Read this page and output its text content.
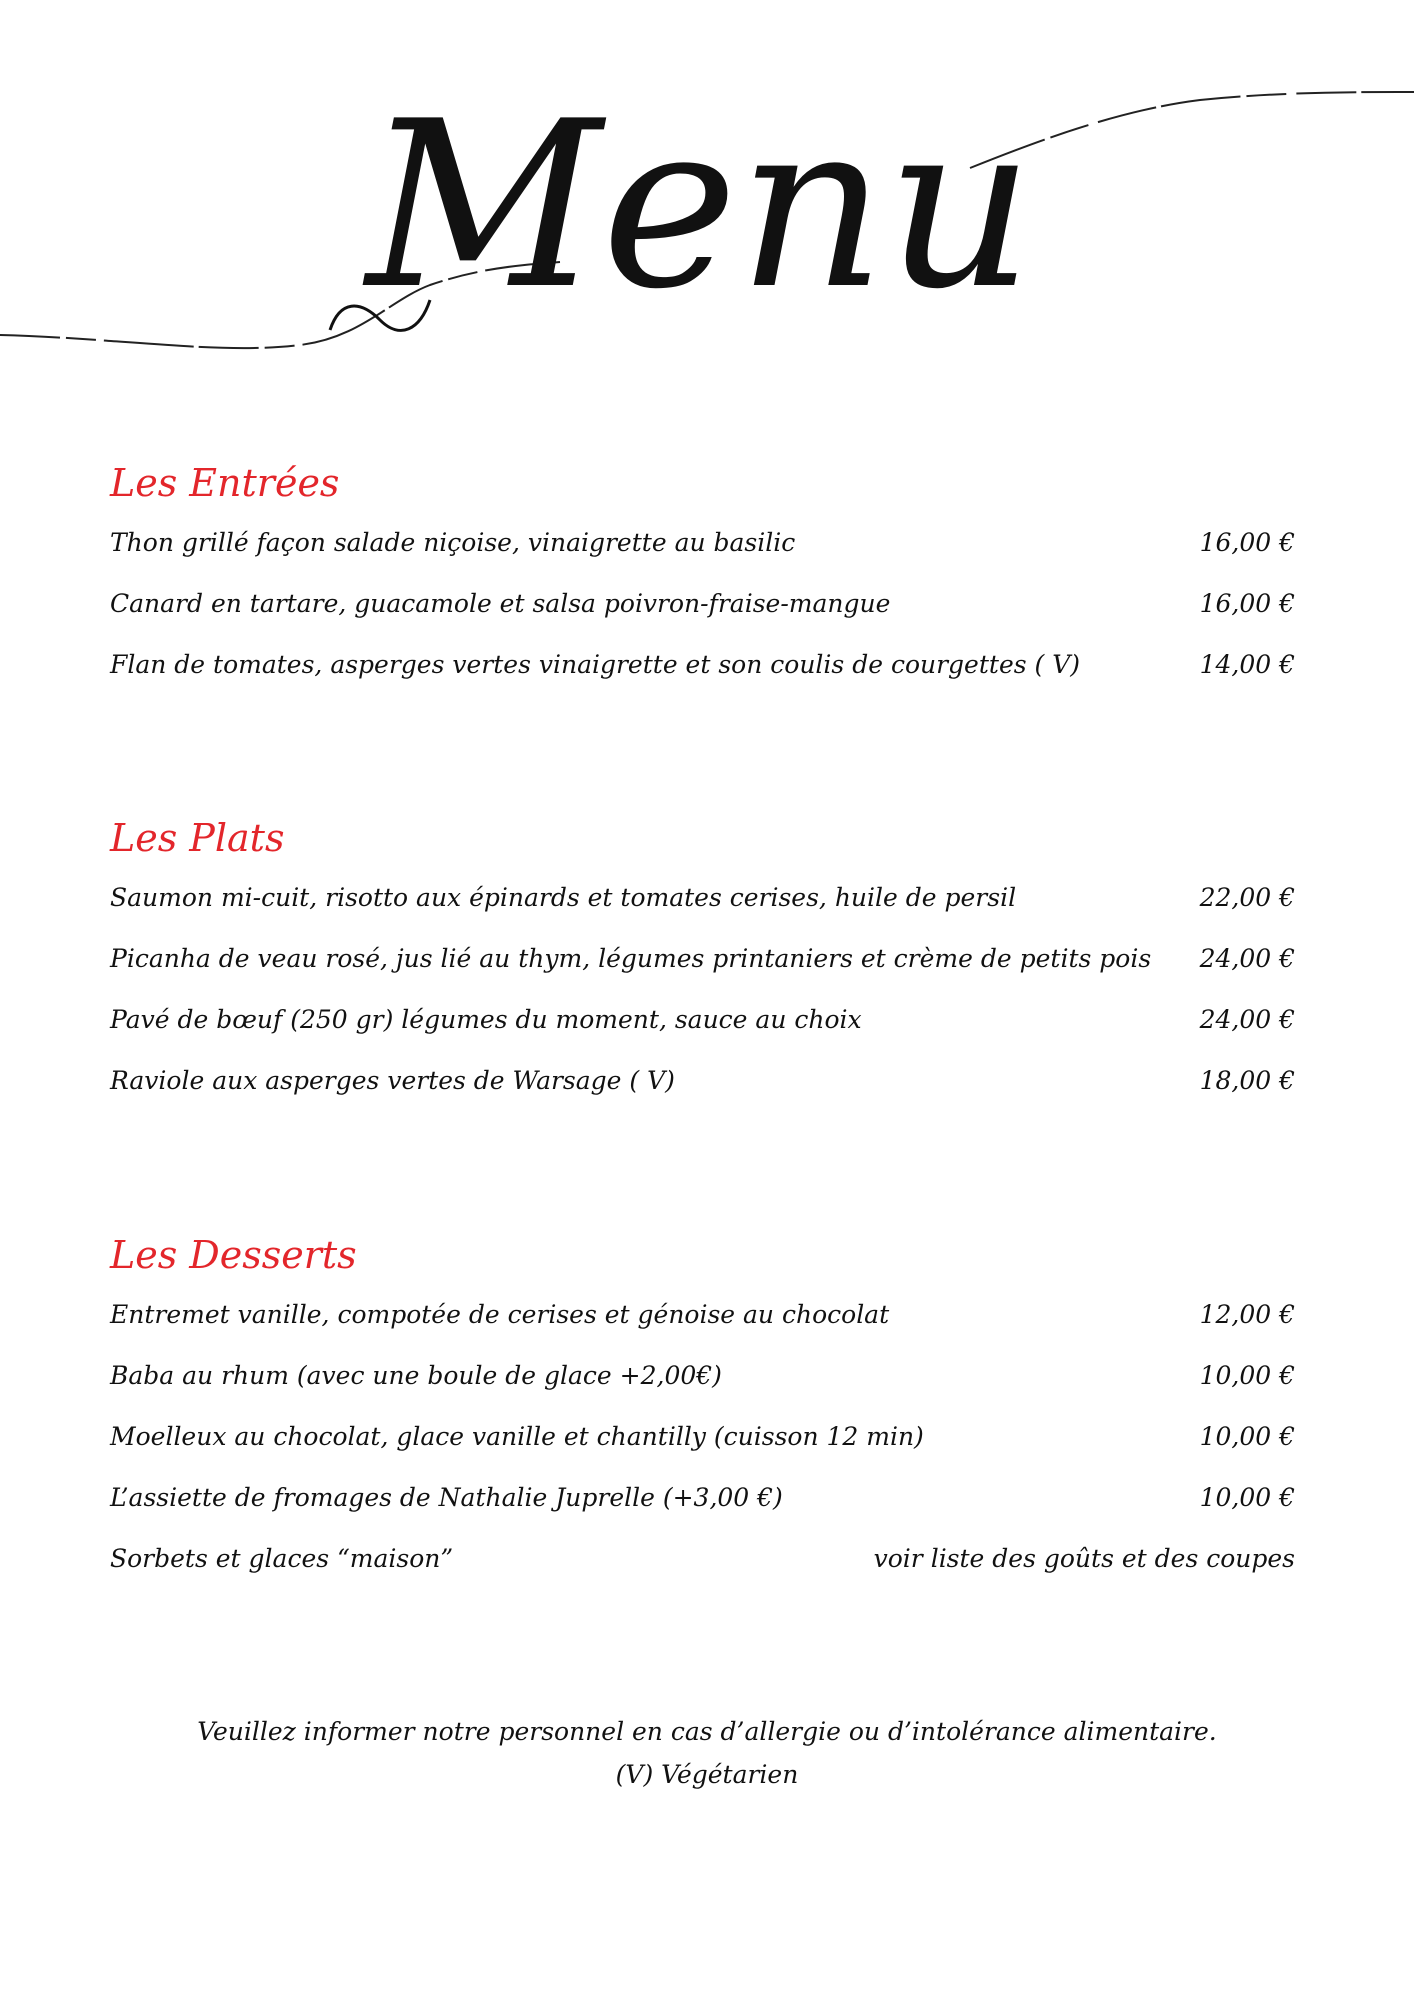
Menu
Les Entrées
Thon grillé façon salade niçoise, vinaigrette au basilic	16,00 €
Canard en tartare, guacamole et salsa poivron-fraise-mangue	16,00 €
Flan de tomates, asperges vertes vinaigrette et son coulis de courgettes ( V)	14,00 €
Les Plats
Saumon mi-cuit, risotto aux épinards et tomates cerises, huile de persil	22,00 €
Picanha de veau rosé, jus lié au thym, légumes printaniers et crème de petits pois 24,00 €
Pavé de bœuf (250 gr) légumes du moment, sauce au choix	24,00 €
Raviole aux asperges vertes de Warsage ( V)	18,00 €
Les Desserts
Entremet vanille, compotée de cerises et génoise au chocolat	12,00 €
Baba au rhum (avec une boule de glace +2,00€)	10,00 €
Moelleux au chocolat, glace vanille et chantilly (cuisson 12 min)	10,00 €
L’assiette de fromages de Nathalie Juprelle (+3,00 €)	10,00 €
Sorbets et glaces “maison”	voir liste des goûts et des coupes
Veuillez informer notre personnel en cas d’allergie ou d’intolérance alimentaire.
(V) Végétarien
